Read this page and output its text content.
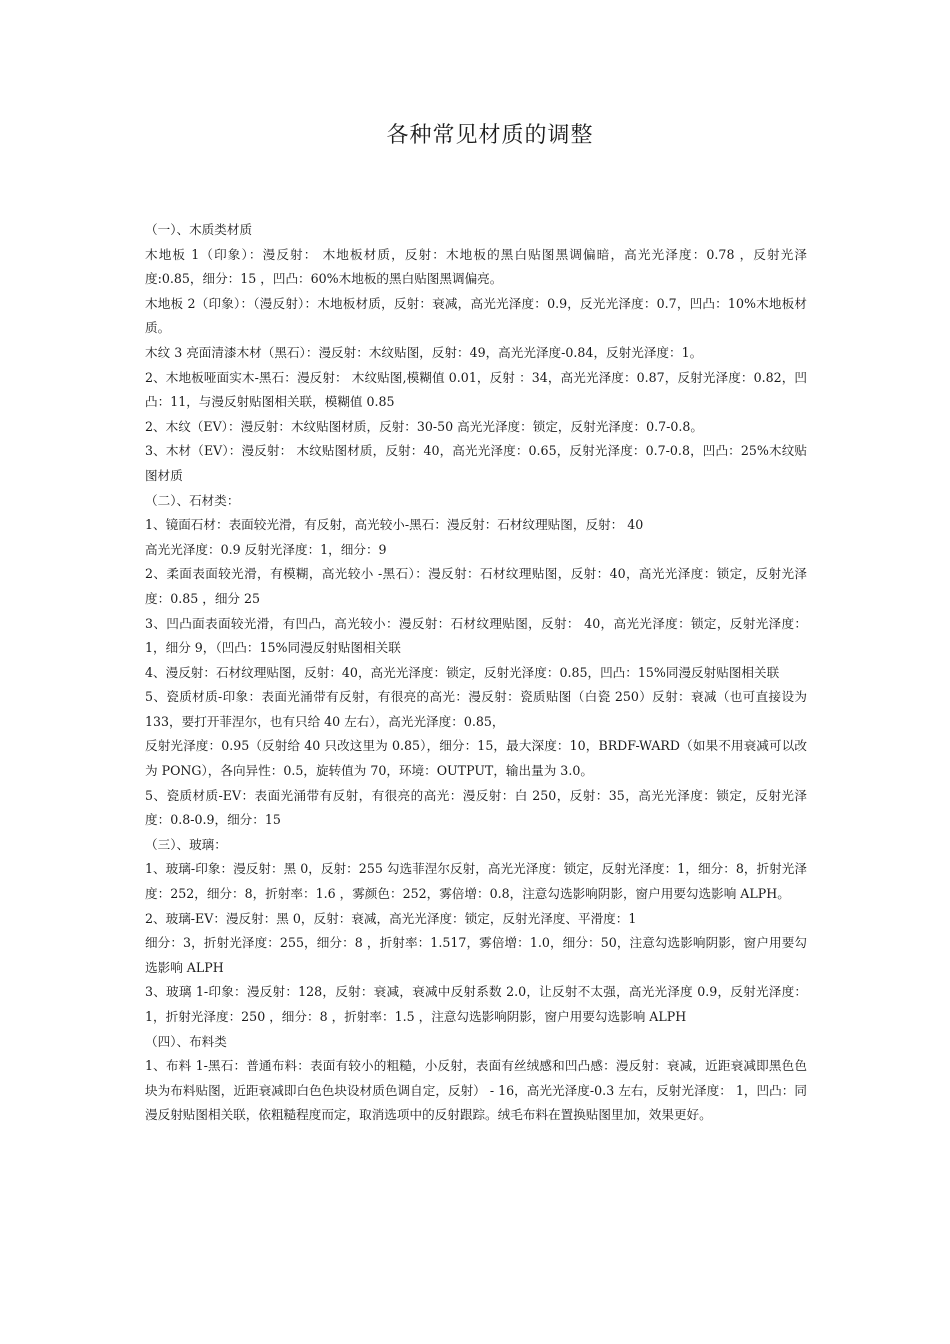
各种常见材质的调整

（一）、木质类材质

木地板 1（印象）：漫反射： 木地板材质，反射：木地板的黑白贴图黑调偏暗，高光光泽度：0.78 ，反射光泽度:0.85，细分：15 ，凹凸：60%木地板的黑白贴图黑调偏亮。

木地板 2（印象）：（漫反射）：木地板材质，反射：衰减，高光光泽度：0.9，反光光泽度：0.7，凹凸：10%木地板材质。

木纹 3 亮面清漆木材（黑石）：漫反射：木纹贴图，反射：49，高光光泽度-0.84，反射光泽度：1。

2、木地板哑面实木-黑石：漫反射： 木纹贴图,模糊值 0.01，反射 ：34，高光光泽度：0.87，反射光泽度：0.82，凹凸：11，与漫反射贴图相关联，模糊值 0.85

2、木纹（EV）：漫反射：木纹贴图材质，反射：30-50 高光光泽度：锁定，反射光泽度：0.7-0.8。

3、木材（EV）：漫反射： 木纹贴图材质，反射：40，高光光泽度：0.65，反射光泽度：0.7-0.8，凹凸：25%木纹贴图材质

（二）、石材类：

1、镜面石材：表面较光滑，有反射，高光较小-黑石：漫反射：石材纹理贴图，反射： 40

高光光泽度：0.9 反射光泽度：1，细分：9

2、柔面表面较光滑，有模糊，高光较小 -黑石）：漫反射：石材纹理贴图，反射：40，高光光泽度：锁定，反射光泽度：0.85 ，细分 25

3、凹凸面表面较光滑，有凹凸，高光较小：漫反射：石材纹理贴图，反射： 40，高光光泽度：锁定，反射光泽度：1，细分 9，（凹凸：15%同漫反射贴图相关联

4、漫反射：石材纹理贴图，反射：40，高光光泽度：锁定，反射光泽度：0.85，凹凸：15%同漫反射贴图相关联

5、瓷质材质-印象：表面光涌带有反射，有很亮的高光：漫反射：瓷质贴图（白瓷 250）反射：衰减（也可直接设为 133，要打开菲涅尔，也有只给 40 左右），高光光泽度：0.85，

反射光泽度：0.95（反射给 40 只改这里为 0.85），细分：15，最大深度：10，BRDF-WARD（如果不用衰减可以改为 PONG），各向异性：0.5，旋转值为 70，环境：OUTPUT，输出量为 3.0。

5、瓷质材质-EV：表面光涌带有反射，有很亮的高光：漫反射：白 250，反射：35，高光光泽度：锁定，反射光泽度：0.8-0.9，细分：15

（三）、玻璃：

1、玻璃-印象：漫反射：黑 0，反射：255 勾选菲涅尔反射，高光光泽度：锁定，反射光泽度：1，细分：8，折射光泽度：252，细分：8，折射率：1.6 ，雾颜色：252，雾倍增：0.8，注意勾选影响阴影，窗户用要勾选影响 ALPH。

2、玻璃-EV：漫反射：黑 0，反射：衰减，高光光泽度：锁定，反射光泽度、平滑度：1

细分：3，折射光泽度：255，细分：8 ，折射率：1.517，雾倍增：1.0，细分：50，注意勾选影响阴影，窗户用要勾选影响 ALPH

3、玻璃 1-印象：漫反射：128，反射：衰减，衰减中反射系数 2.0，让反射不太强，高光光泽度 0.9，反射光泽度：1，折射光泽度：250 ，细分：8 ，折射率：1.5 ，注意勾选影响阴影，窗户用要勾选影响 ALPH

（四）、布料类

1、布料 1-黑石：普通布料：表面有较小的粗糙，小反射，表面有丝绒感和凹凸感：漫反射：衰减，近距衰减即黑色色块为布料贴图，近距衰减即白色色块设材质色调自定，反射） - 16，高光光泽度-0.3 左右，反射光泽度： 1，凹凸：同漫反射贴图相关联，依粗糙程度而定，取消选项中的反射跟踪。绒毛布料在置换贴图里加，效果更好。
